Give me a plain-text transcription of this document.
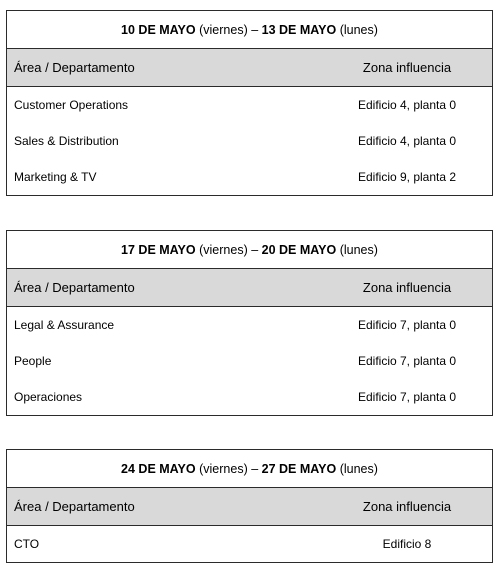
10 DE MAYO
(viernes)
–
13 DE MAYO
(lunes)
Área / Departamento	Zona influencia
Customer Operations	Edificio 4, planta 0
Sales & Distribution	Edificio 4, planta 0
Marketing & TV	Edificio 9, planta 2
17 DE MAYO
(viernes)
–
20 DE MAYO
(lunes)
Área / Departamento	Zona influencia
Legal & Assurance	Edificio 7, planta 0
People	Edificio 7, planta 0
Operaciones	Edificio 7, planta 0
24 DE MAYO
(viernes)
–
27 DE MAYO
(lunes)
Área / Departamento	Zona influencia
CTO	Edificio 8
